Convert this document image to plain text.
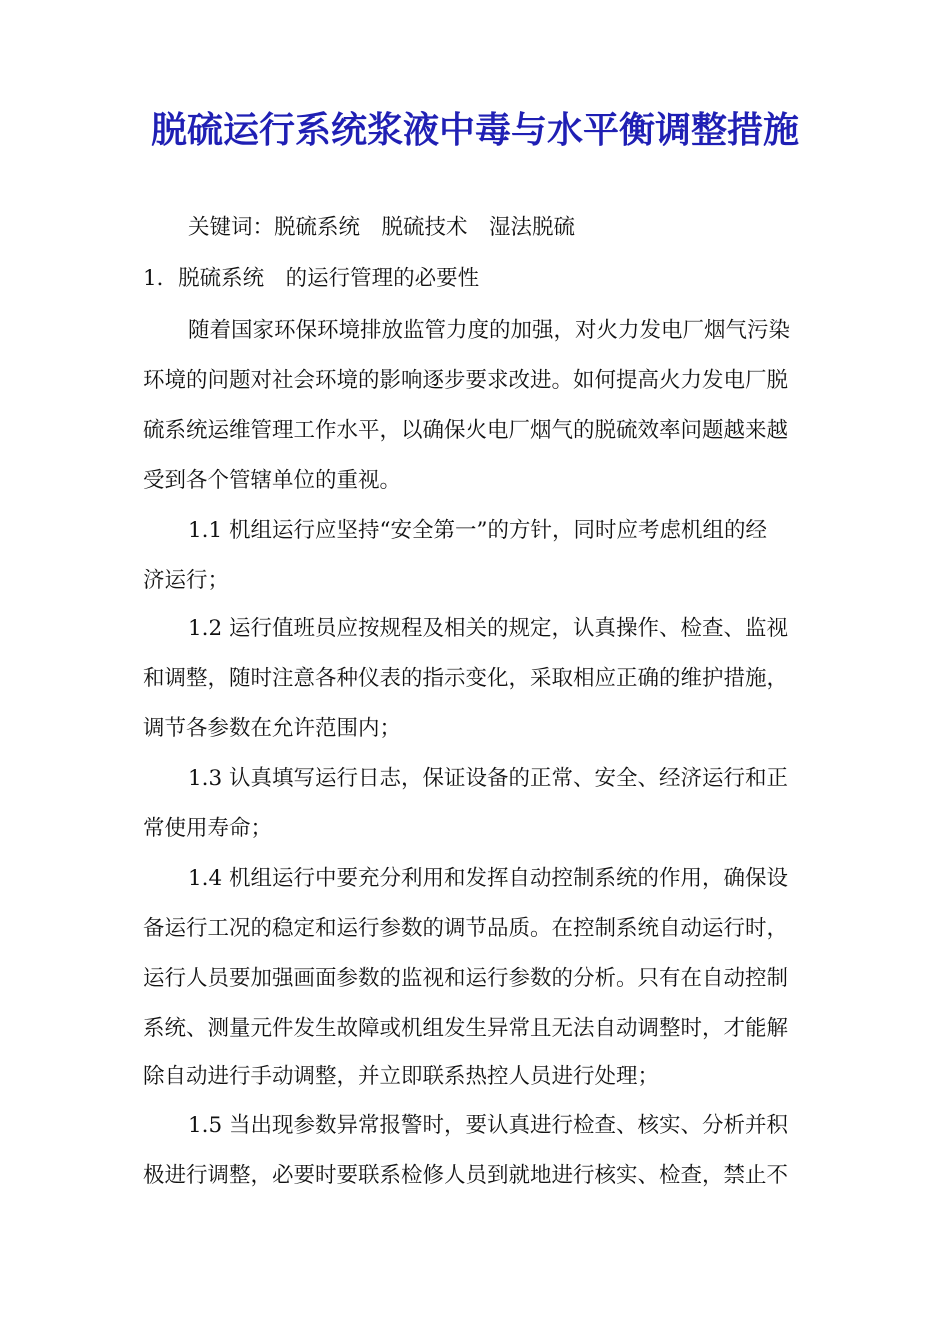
脱硫运行系统浆液中毒与水平衡调整措施

关键词：脱硫系统　脱硫技术　湿法脱硫

1．脱硫系统　的运行管理的必要性

随着国家环保环境排放监管力度的加强，对火力发电厂烟气污染

环境的问题对社会环境的影响逐步要求改进。如何提高火力发电厂脱

硫系统运维管理工作水平，以确保火电厂烟气的脱硫效率问题越来越

受到各个管辖单位的重视。

1.1 机组运行应坚持“安全第一”的方针，同时应考虑机组的经

济运行；

1.2 运行值班员应按规程及相关的规定，认真操作、检查、监视

和调整，随时注意各种仪表的指示变化，采取相应正确的维护措施，

调节各参数在允许范围内；

1.3 认真填写运行日志，保证设备的正常、安全、经济运行和正

常使用寿命；

1.4 机组运行中要充分利用和发挥自动控制系统的作用，确保设

备运行工况的稳定和运行参数的调节品质。在控制系统自动运行时，

运行人员要加强画面参数的监视和运行参数的分析。只有在自动控制

系统、测量元件发生故障或机组发生异常且无法自动调整时，才能解

除自动进行手动调整，并立即联系热控人员进行处理；

1.5 当出现参数异常报警时，要认真进行检查、核实、分析并积

极进行调整，必要时要联系检修人员到就地进行核实、检查，禁止不
